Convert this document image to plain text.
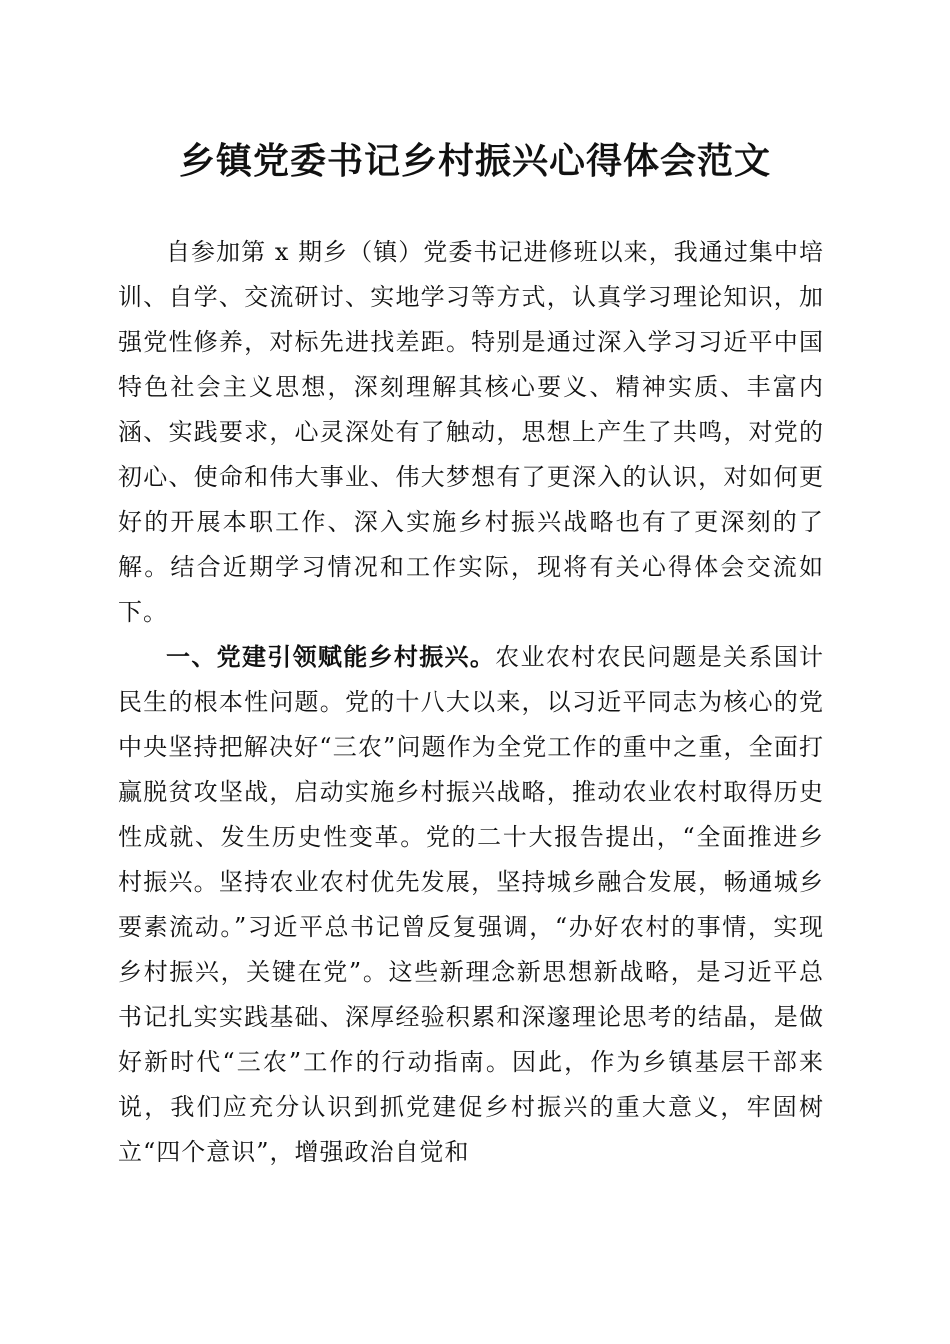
乡镇党委书记乡村振兴心得体会范文

自参加第 x 期乡（镇）党委书记进修班以来，我通过集中培训、自学、交流研讨、实地学习等方式，认真学习理论知识，加强党性修养，对标先进找差距。特别是通过深入学习习近平中国特色社会主义思想，深刻理解其核心要义、精神实质、丰富内涵、实践要求，心灵深处有了触动，思想上产生了共鸣，对党的初心、使命和伟大事业、伟大梦想有了更深入的认识，对如何更好的开展本职工作、深入实施乡村振兴战略也有了更深刻的了解。结合近期学习情况和工作实际，现将有关心得体会交流如下。

一、党建引领赋能乡村振兴。农业农村农民问题是关系国计民生的根本性问题。党的十八大以来，以习近平同志为核心的党中央坚持把解决好“三农”问题作为全党工作的重中之重，全面打赢脱贫攻坚战，启动实施乡村振兴战略，推动农业农村取得历史性成就、发生历史性变革。党的二十大报告提出，“全面推进乡村振兴。坚持农业农村优先发展，坚持城乡融合发展，畅通城乡要素流动。”习近平总书记曾反复强调，“办好农村的事情，实现乡村振兴，关键在党”。这些新理念新思想新战略，是习近平总书记扎实实践基础、深厚经验积累和深邃理论思考的结晶，是做好新时代“三农”工作的行动指南。因此，作为乡镇基层干部来说，我们应充分认识到抓党建促乡村振兴的重大意义，牢固树立“四个意识”，增强政治自觉和
